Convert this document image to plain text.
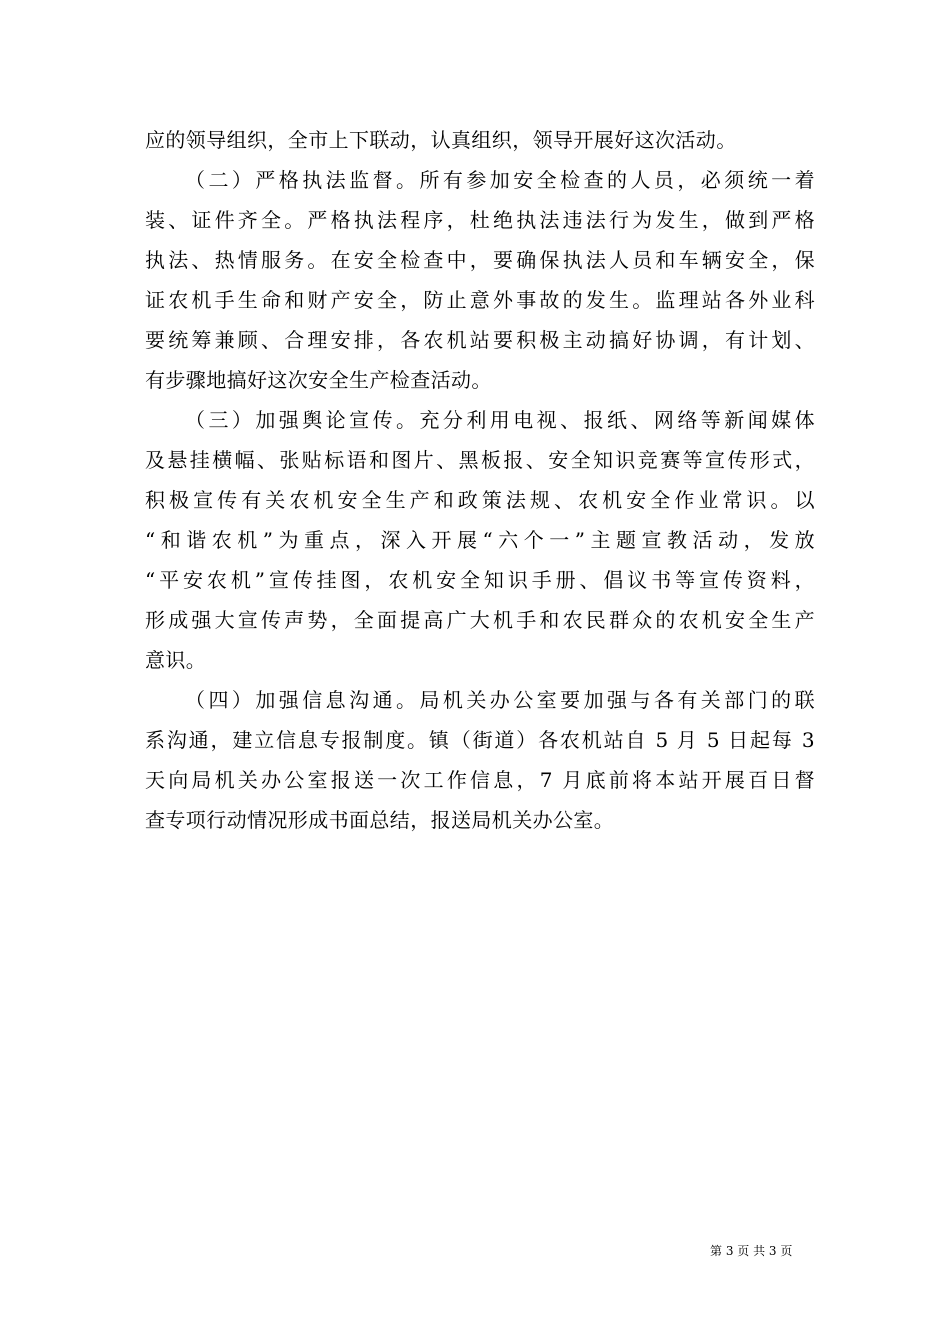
应的领导组织，全市上下联动，认真组织，领导开展好这次活动。
（二）严格执法监督。所有参加安全检查的人员，必须统一着
装、证件齐全。严格执法程序，杜绝执法违法行为发生，做到严格
执法、热情服务。在安全检查中，要确保执法人员和车辆安全，保
证农机手生命和财产安全，防止意外事故的发生。监理站各外业科
要统筹兼顾、合理安排，各农机站要积极主动搞好协调，有计划、
有步骤地搞好这次安全生产检查活动。
（三）加强舆论宣传。充分利用电视、报纸、网络等新闻媒体
及悬挂横幅、张贴标语和图片、黑板报、安全知识竞赛等宣传形式，
积极宣传有关农机安全生产和政策法规、农机安全作业常识。以
“和谐农机”为重点，深入开展“六个一”主题宣教活动，发放
“平安农机”宣传挂图，农机安全知识手册、倡议书等宣传资料，
形成强大宣传声势，全面提高广大机手和农民群众的农机安全生产
意识。
（四）加强信息沟通。局机关办公室要加强与各有关部门的联
系沟通，建立信息专报制度。镇（街道）各农机站自 5 月 5 日起每 3
天向局机关办公室报送一次工作信息，7 月底前将本站开展百日督
查专项行动情况形成书面总结，报送局机关办公室。
第 3 页 共 3 页
